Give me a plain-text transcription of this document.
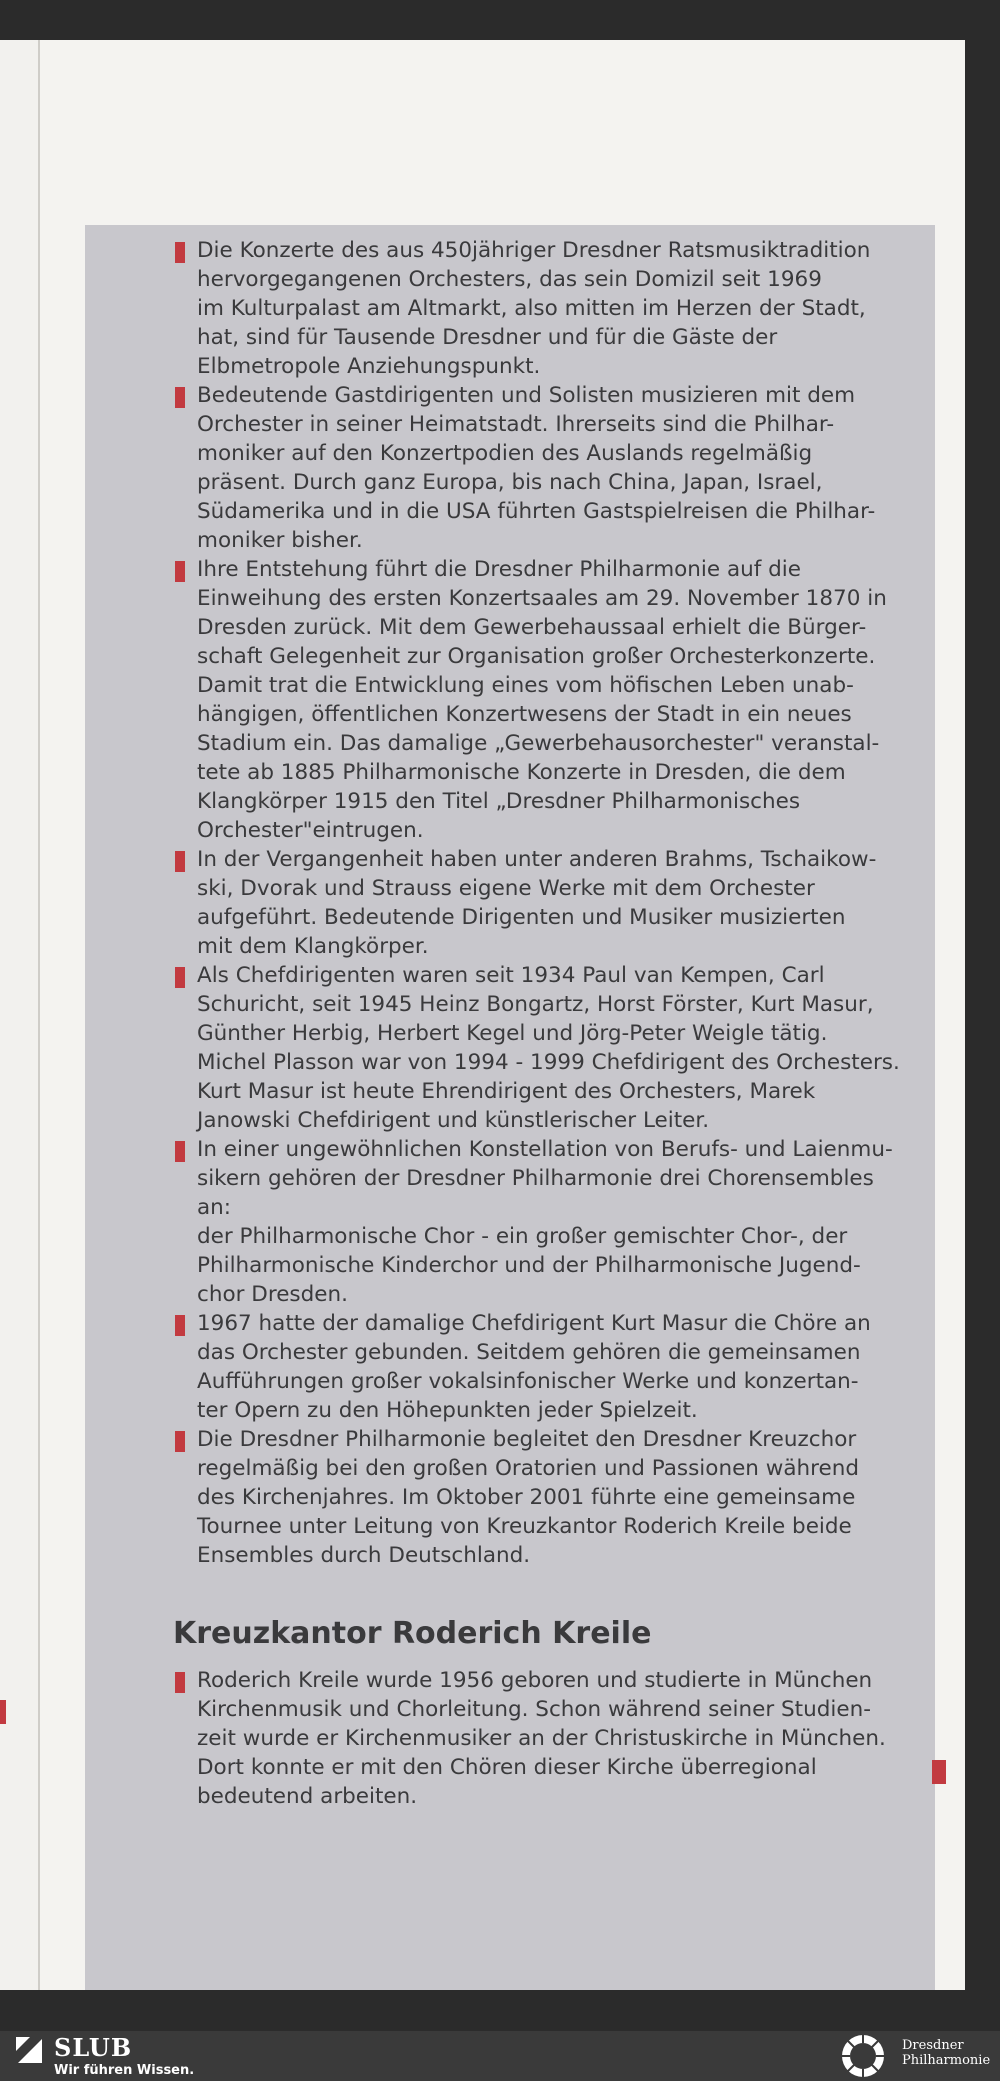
Die Konzerte des aus 450jähriger Dresdner Ratsmusiktradition
hervorgegangenen Orchesters, das sein Domizil seit 1969
im Kulturpalast am Altmarkt, also mitten im Herzen der Stadt,
hat, sind für Tausende Dresdner und für die Gäste der
Elbmetropole Anziehungspunkt.

Bedeutende Gastdirigenten und Solisten musizieren mit dem
Orchester in seiner Heimatstadt. Ihrerseits sind die Philhar-
moniker auf den Konzertpodien des Auslands regelmäßig
präsent. Durch ganz Europa, bis nach China, Japan, Israel,
Südamerika und in die USA führten Gastspielreisen die Philhar-
moniker bisher.

Ihre Entstehung führt die Dresdner Philharmonie auf die
Einweihung des ersten Konzertsaales am 29. November 1870 in
Dresden zurück. Mit dem Gewerbehaussaal erhielt die Bürger-
schaft Gelegenheit zur Organisation großer Orchesterkonzerte.
Damit trat die Entwicklung eines vom höfischen Leben unab-
hängigen, öffentlichen Konzertwesens der Stadt in ein neues
Stadium ein. Das damalige „Gewerbehausorchester" veranstal-
tete ab 1885 Philharmonische Konzerte in Dresden, die dem
Klangkörper 1915 den Titel „Dresdner Philharmonisches
Orchester"eintrugen.

In der Vergangenheit haben unter anderen Brahms, Tschaikow-
ski, Dvorak und Strauss eigene Werke mit dem Orchester
aufgeführt. Bedeutende Dirigenten und Musiker musizierten
mit dem Klangkörper.

Als Chefdirigenten waren seit 1934 Paul van Kempen, Carl
Schuricht, seit 1945 Heinz Bongartz, Horst Förster, Kurt Masur,
Günther Herbig, Herbert Kegel und Jörg-Peter Weigle tätig.
Michel Plasson war von 1994 - 1999 Chefdirigent des Orchesters.
Kurt Masur ist heute Ehrendirigent des Orchesters, Marek
Janowski Chefdirigent und künstlerischer Leiter.

In einer ungewöhnlichen Konstellation von Berufs- und Laienmu-
sikern gehören der Dresdner Philharmonie drei Chorensembles an:
der Philharmonische Chor - ein großer gemischter Chor-, der
Philharmonische Kinderchor und der Philharmonische Jugend-
chor Dresden.

1967 hatte der damalige Chefdirigent Kurt Masur die Chöre an
das Orchester gebunden. Seitdem gehören die gemeinsamen
Aufführungen großer vokalsinfonischer Werke und konzertan-
ter Opern zu den Höhepunkten jeder Spielzeit.

Die Dresdner Philharmonie begleitet den Dresdner Kreuzchor
regelmäßig bei den großen Oratorien und Passionen während
des Kirchenjahres. Im Oktober 2001 führte eine gemeinsame
Tournee unter Leitung von Kreuzkantor Roderich Kreile beide
Ensembles durch Deutschland.

Kreuzkantor Roderich Kreile

Roderich Kreile wurde 1956 geboren und studierte in München
Kirchenmusik und Chorleitung. Schon während seiner Studien-
zeit wurde er Kirchenmusiker an der Christuskirche in München.
Dort konnte er mit den Chören dieser Kirche überregional
bedeutend arbeiten.

SLUB
Wir führen Wissen.
Dresdner
Philharmonie
